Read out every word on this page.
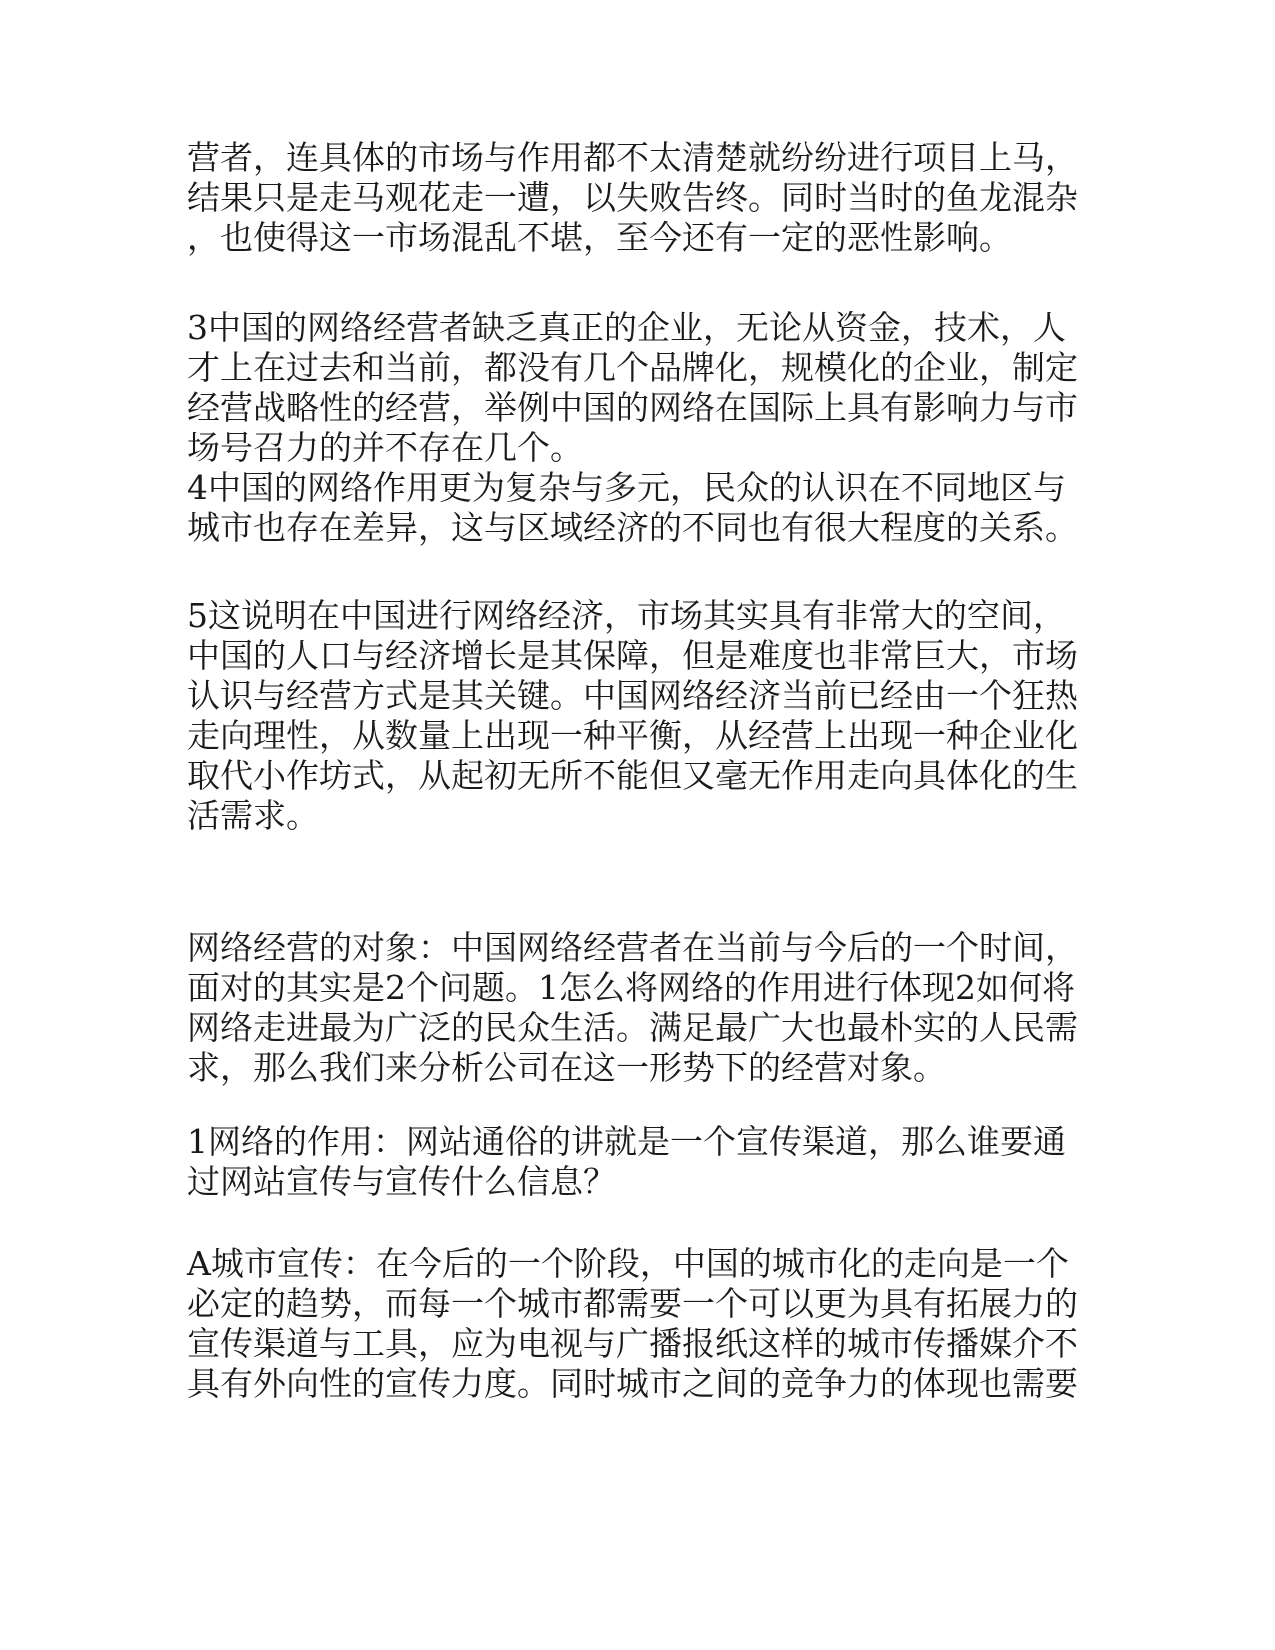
营者，连具体的市场与作用都不太清楚就纷纷进行项目上马，
结果只是走马观花走一遭，以失败告终。同时当时的鱼龙混杂
，也使得这一市场混乱不堪，至今还有一定的恶性影响。
3中国的网络经营者缺乏真正的企业，无论从资金，技术，人
才上在过去和当前，都没有几个品牌化，规模化的企业，制定
经营战略性的经营，举例中国的网络在国际上具有影响力与市
场号召力的并不存在几个。
4中国的网络作用更为复杂与多元，民众的认识在不同地区与
城市也存在差异，这与区域经济的不同也有很大程度的关系。
5这说明在中国进行网络经济，市场其实具有非常大的空间，
中国的人口与经济增长是其保障，但是难度也非常巨大，市场
认识与经营方式是其关键。中国网络经济当前已经由一个狂热
走向理性，从数量上出现一种平衡，从经营上出现一种企业化
取代小作坊式，从起初无所不能但又毫无作用走向具体化的生
活需求。
网络经营的对象：中国网络经营者在当前与今后的一个时间，
面对的其实是2个问题。1怎么将网络的作用进行体现2如何将
网络走进最为广泛的民众生活。满足最广大也最朴实的人民需
求，那么我们来分析公司在这一形势下的经营对象。
1网络的作用：网站通俗的讲就是一个宣传渠道，那么谁要通
过网站宣传与宣传什么信息？
A城市宣传：在今后的一个阶段，中国的城市化的走向是一个
必定的趋势，而每一个城市都需要一个可以更为具有拓展力的
宣传渠道与工具，应为电视与广播报纸这样的城市传播媒介不
具有外向性的宣传力度。同时城市之间的竞争力的体现也需要
